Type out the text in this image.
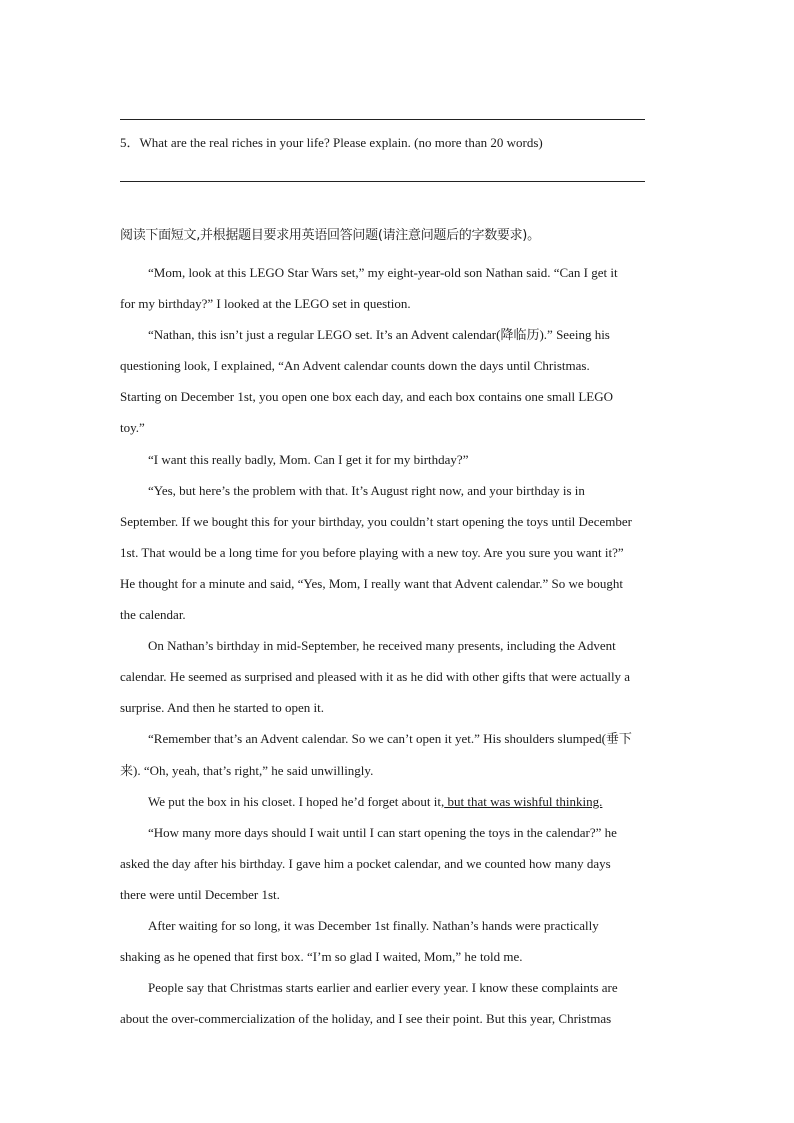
5．What are the real riches in your life? Please explain. (no more than 20 words)
阅读下面短文,并根据题目要求用英语回答问题(请注意问题后的字数要求)。
“Mom, look at this LEGO Star Wars set,” my eight-year-old son Nathan said. “Can I get it
for my birthday?” I looked at the LEGO set in question.
“Nathan, this isn’t just a regular LEGO set. It’s an Advent calendar(降临历).” Seeing his
questioning look, I explained, “An Advent calendar counts down the days until Christmas.
Starting on December 1st, you open one box each day, and each box contains one small LEGO
toy.”
“I want this really badly, Mom. Can I get it for my birthday?”
“Yes, but here’s the problem with that. It’s August right now, and your birthday is in
September. If we bought this for your birthday, you couldn’t start opening the toys until December
1st. That would be a long time for you before playing with a new toy. Are you sure you want it?”
He thought for a minute and said, “Yes, Mom, I really want that Advent calendar.” So we bought
the calendar.
On Nathan’s birthday in mid-September, he received many presents, including the Advent
calendar. He seemed as surprised and pleased with it as he did with other gifts that were actually a
surprise. And then he started to open it.
“Remember that’s an Advent calendar. So we can’t open it yet.” His shoulders slumped(垂下
来). “Oh, yeah, that’s right,” he said unwillingly.
We put the box in his closet. I hoped he’d forget about it, but that was wishful thinking.
“How many more days should I wait until I can start opening the toys in the calendar?” he
asked the day after his birthday. I gave him a pocket calendar, and we counted how many days
there were until December 1st.
After waiting for so long, it was December 1st finally. Nathan’s hands were practically
shaking as he opened that first box. “I’m so glad I waited, Mom,” he told me.
People say that Christmas starts earlier and earlier every year. I know these complaints are
about the over-commercialization of the holiday, and I see their point. But this year, Christmas
